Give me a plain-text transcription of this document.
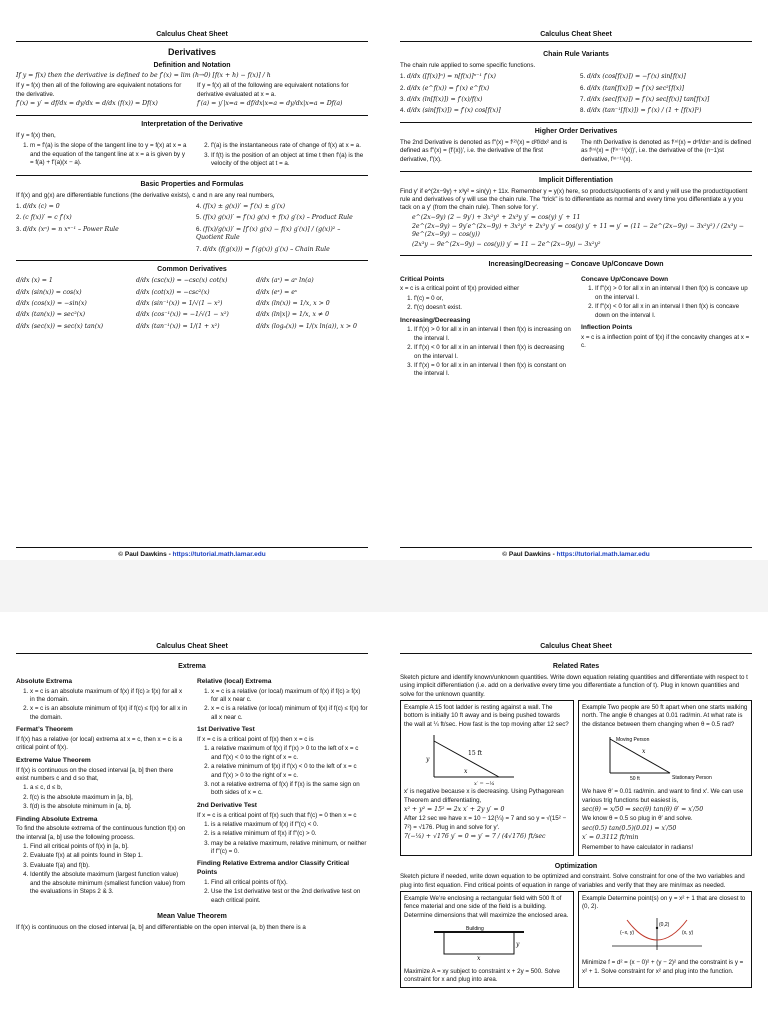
Calculus Cheat Sheet
Derivatives
Definition and Notation
If y = f(x) then the derivative is defined to be f′(x) = lim (h→0) [f(x + h) − f(x)] / h
If y = f(x) then all of the following are equivalent notations for the derivative.
f′(x) = y′ = df/dx = dy/dx = d/dx (f(x)) = Df(x)
If y = f(x) all of the following are equivalent notations for derivative evaluated at x = a.
f′(a) = y′|x=a = df/dx|x=a = dy/dx|x=a = Df(a)
Interpretation of the Derivative
If y = f(x) then,
1. m = f′(a) is the slope of the tangent line to y = f(x) at x = a and the equation of the tangent line at x = a is given by y = f(a) + f′(a)(x − a).
2. f′(a) is the instantaneous rate of change of f(x) at x = a.
3. If f(t) is the position of an object at time t then f′(a) is the velocity of the object at t = a.
Basic Properties and Formulas
If f(x) and g(x) are differentiable functions (the derivative exists), c and n are any real numbers,
1. d/dx (c) = 0	4. (f(x) ± g(x))′ = f′(x) ± g′(x)
2. (c f(x))′ = c f′(x)	5. (f(x) g(x))′ = f′(x) g(x) + f(x) g′(x) – Product Rule
3. d/dx (xⁿ) = n xⁿ⁻¹ – Power Rule	6. (f(x)/g(x))′ = [f′(x) g(x) − f(x) g′(x)] / (g(x))² – Quotient Rule
7. d/dx (f(g(x))) = f′(g(x)) g′(x) – Chain Rule
Common Derivatives
d/dx (x) = 1	d/dx (csc(x)) = −csc(x) cot(x)	d/dx (aˣ) = aˣ ln(a)
d/dx (sin(x)) = cos(x)	d/dx (cot(x)) = −csc²(x)	d/dx (eˣ) = eˣ
d/dx (cos(x)) = −sin(x)	d/dx (sin⁻¹(x)) = 1/√(1 − x²)	d/dx (ln(x)) = 1/x, x > 0
d/dx (tan(x)) = sec²(x)	d/dx (cos⁻¹(x)) = −1/√(1 − x²)	d/dx (ln|x|) = 1/x, x ≠ 0
d/dx (sec(x)) = sec(x) tan(x)	d/dx (tan⁻¹(x)) = 1/(1 + x²)	d/dx (logₐ(x)) = 1/(x ln(a)), x > 0
© Paul Dawkins - https://tutorial.math.lamar.edu
Calculus Cheat Sheet
Chain Rule Variants
The chain rule applied to some specific functions.
1. d/dx ([f(x)]ⁿ) = n[f(x)]ⁿ⁻¹ f′(x)	5. d/dx (cos[f(x)]) = −f′(x) sin[f(x)]
2. d/dx (e^f(x)) = f′(x) e^f(x)	6. d/dx (tan[f(x)]) = f′(x) sec²[f(x)]
3. d/dx (ln[f(x)]) = f′(x)/f(x)	7. d/dx (sec[f(x)]) = f′(x) sec[f(x)] tan[f(x)]
4. d/dx (sin[f(x)]) = f′(x) cos[f(x)]	8. d/dx (tan⁻¹[f(x)]) = f′(x) / (1 + [f(x)]²)
Higher Order Derivatives
The 2nd Derivative is denoted as f″(x) = f⁽²⁾(x) = d²f/dx² and is defined as f″(x) = (f′(x))′, i.e. the derivative of the first derivative, f′(x).
The nth Derivative is denoted as f⁽ⁿ⁾(x) = dⁿf/dxⁿ and is defined as f⁽ⁿ⁾(x) = (f⁽ⁿ⁻¹⁾(x))′, i.e. the derivative of the (n−1)st derivative, f⁽ⁿ⁻¹⁾(x).
Implicit Differentiation
Find y′ if e^(2x−9y) + x³y² = sin(y) + 11x. Remember y = y(x) here, so products/quotients of x and y will use the product/quotient rule and derivatives of y will use the chain rule. The “trick” is to differentiate as normal and every time you differentiate a y you tack on a y′ (from the chain rule). Then solve for y′.
e^(2x−9y) (2 − 9y′) + 3x²y² + 2x³y y′ = cos(y) y′ + 11
2e^(2x−9y) − 9y′e^(2x−9y) + 3x²y² + 2x³y y′ = cos(y) y′ + 11 ⇒ y′ = (11 − 2e^(2x−9y) − 3x²y²) / (2x³y − 9e^(2x−9y) − cos(y))
(2x³y − 9e^(2x−9y) − cos(y)) y′ = 11 − 2e^(2x−9y) − 3x²y²
Increasing/Decreasing – Concave Up/Concave Down
Critical Points
x = c is a critical point of f(x) provided either
1. f′(c) = 0 or,
2. f′(c) doesn’t exist.
Increasing/Decreasing
1. If f′(x) > 0 for all x in an interval I then f(x) is increasing on the interval I.
2. If f′(x) < 0 for all x in an interval I then f(x) is decreasing on the interval I.
3. If f′(x) = 0 for all x in an interval I then f(x) is constant on the interval I.
Concave Up/Concave Down
1. If f″(x) > 0 for all x in an interval I then f(x) is concave up on the interval I.
2. If f″(x) < 0 for all x in an interval I then f(x) is concave down on the interval I.
Inflection Points
x = c is a inflection point of f(x) if the concavity changes at x = c.
© Paul Dawkins - https://tutorial.math.lamar.edu
Calculus Cheat Sheet
Extrema
Absolute Extrema
1. x = c is an absolute maximum of f(x) if f(c) ≥ f(x) for all x in the domain.
2. x = c is an absolute minimum of f(x) if f(c) ≤ f(x) for all x in the domain.
Fermat’s Theorem
If f(x) has a relative (or local) extrema at x = c, then x = c is a critical point of f(x).
Extreme Value Theorem
If f(x) is continuous on the closed interval [a, b] then there exist numbers c and d so that,
1. a ≤ c, d ≤ b,
2. f(c) is the absolute maximum in [a, b],
3. f(d) is the absolute minimum in [a, b].
Finding Absolute Extrema
To find the absolute extrema of the continuous function f(x) on the interval [a, b] use the following process.
1. Find all critical points of f(x) in [a, b].
2. Evaluate f(x) at all points found in Step 1.
3. Evaluate f(a) and f(b).
4. Identify the absolute maximum (largest function value) and the absolute minimum (smallest function value) from the evaluations in Steps 2 & 3.
Relative (local) Extrema
1. x = c is a relative (or local) maximum of f(x) if f(c) ≥ f(x) for all x near c.
2. x = c is a relative (or local) minimum of f(x) if f(c) ≤ f(x) for all x near c.
1st Derivative Test
If x = c is a critical point of f(x) then x = c is
1. a relative maximum of f(x) if f′(x) > 0 to the left of x = c and f′(x) < 0 to the right of x = c.
2. a relative minimum of f(x) if f′(x) < 0 to the left of x = c and f′(x) > 0 to the right of x = c.
3. not a relative extrema of f(x) if f′(x) is the same sign on both sides of x = c.
2nd Derivative Test
If x = c is a critical point of f(x) such that f′(c) = 0 then x = c
1. is a relative maximum of f(x) if f″(c) < 0.
2. is a relative minimum of f(x) if f″(c) > 0.
3. may be a relative maximum, relative minimum, or neither if f″(c) = 0.
Finding Relative Extrema and/or Classify Critical Points
1. Find all critical points of f(x).
2. Use the 1st derivative test or the 2nd derivative test on each critical point.
Mean Value Theorem
If f(x) is continuous on the closed interval [a, b] and differentiable on the open interval (a, b) then there is a
Calculus Cheat Sheet
Related Rates
Sketch picture and identify known/unknown quantities. Write down equation relating quantities and differentiate with respect to t using implicit differentiation (i.e. add on a derivative every time you differentiate a function of t). Plug in known quantities and solve for the unknown quantity.
Example A 15 foot ladder is resting against a wall. The bottom is initially 10 ft away and is being pushed towards the wall at ¼ ft/sec. How fast is the top moving after 12 sec?
15 ft
y
x
x′ = −¼
x′ is negative because x is decreasing. Using Pythagorean Theorem and differentiating,
x² + y² = 15² ⇒ 2x x′ + 2y y′ = 0
After 12 sec we have x = 10 − 12(¼) = 7 and so y = √(15² − 7²) = √176. Plug in and solve for y′.
7(−¼) + √176 y′ = 0 ⇒ y′ = 7 / (4√176) ft/sec
Example Two people are 50 ft apart when one starts walking north. The angle θ changes at 0.01 rad/min. At what rate is the distance between them changing when θ = 0.5 rad?
Moving Person
Stationary Person
50 ft
x
We have θ′ = 0.01 rad/min. and want to find x′. We can use various trig functions but easiest is,
sec(θ) = x/50 ⇒ sec(θ) tan(θ) θ′ = x′/50
We know θ = 0.5 so plug in θ′ and solve.
sec(0.5) tan(0.5)(0.01) = x′/50
x′ = 0.3112 ft/min
Remember to have calculator in radians!
Optimization
Sketch picture if needed, write down equation to be optimized and constraint. Solve constraint for one of the two variables and plug into first equation. Find critical points of equation in range of variables and verify that they are min/max as needed.
Example We’re enclosing a rectangular field with 500 ft of fence material and one side of the field is a building. Determine dimensions that will maximize the enclosed area.
Building
x
y
Maximize A = xy subject to constraint x + 2y = 500. Solve constraint for x and plug into area.
Example Determine point(s) on y = x² + 1 that are closest to (0, 2).
(0,2)
(−x, y)	(x, y)
Minimize f = d² = (x − 0)² + (y − 2)² and the constraint is y = x² + 1. Solve constraint for x² and plug into the function.
